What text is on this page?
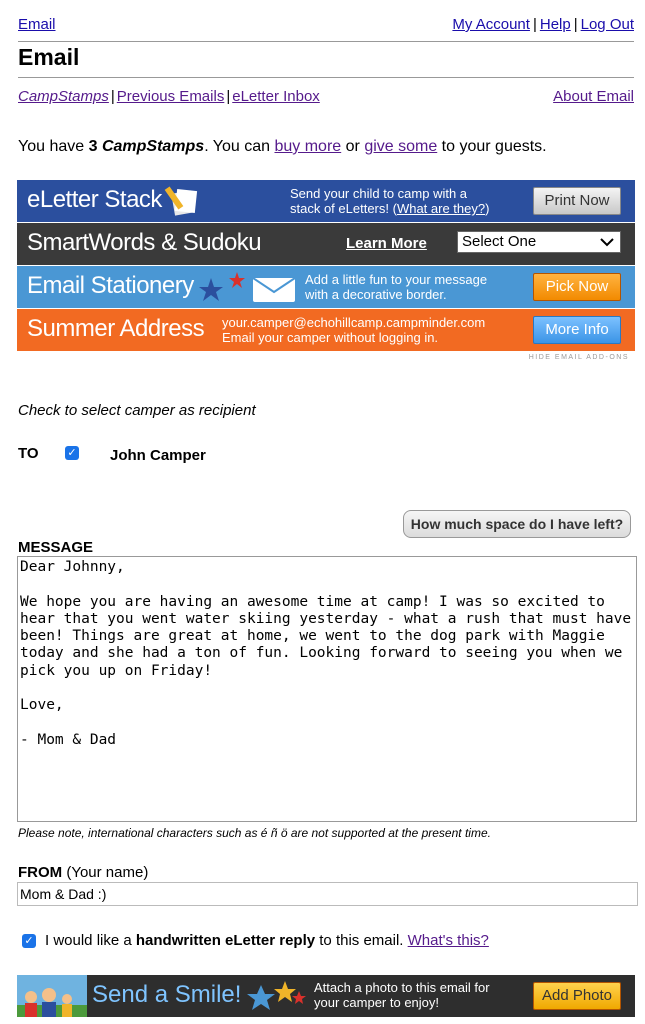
Email	My Account | Help | Log Out
Email
CampStamps | Previous Emails | eLetter Inbox	About Email
You have 3 CampStamps. You can buy more or give some to your guests.
eLetter Stack	Send your child to camp with a
stack of eLetters! (What are they?)	Print Now
SmartWords & Sudoku	Learn More	Select One
Email Stationery	Add a little fun to your message
with a decorative border.	Pick Now
Summer Address your.camper@echohillcamp.campminder.com
Email your camper without logging in.	More Info
HIDE EMAIL ADD-ONS
Check to select camper as recipient
TO	✓ John Camper
How much space do I have left?
MESSAGE
Dear Johnny,

We hope you are having an awesome time at camp! I was so excited to hear that you went water skiing yesterday - what a rush that must have been! Things are great at home, we went to the dog park with Maggie today and she had a ton of fun. Looking forward to seeing you when we pick you up on Friday!

Love,

- Mom & Dad
Please note, international characters such as é ñ ö are not supported at the present time.
FROM (Your name)
Mom & Dad :)
✓ I would like a handwritten eLetter reply to this email. What's this?
Send a Smile!	Attach a photo to this email for
your camper to enjoy!	Add Photo
